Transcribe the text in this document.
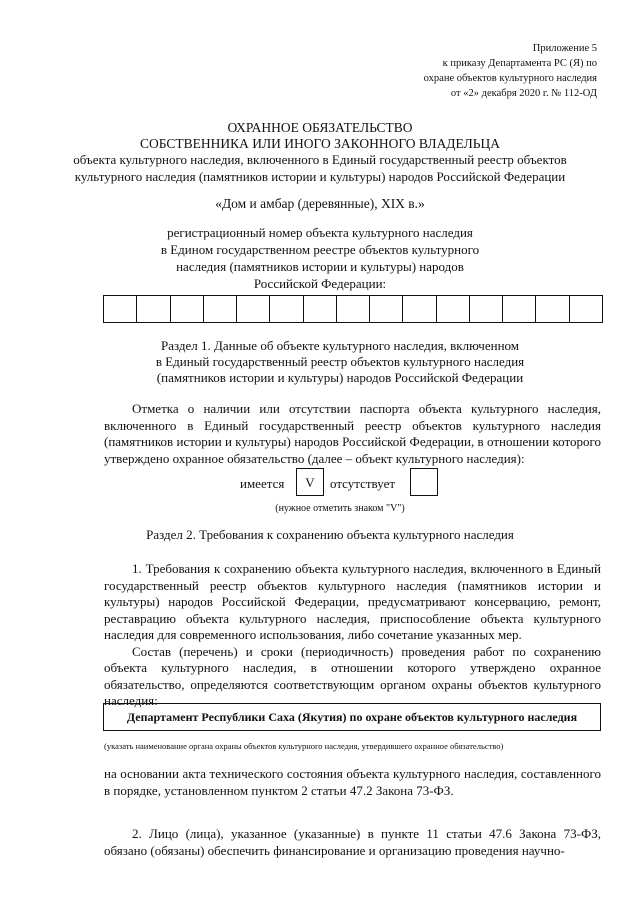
Приложение 5
к приказу Департамента РС (Я) по
охране объектов культурного наследия
от «2» декабря 2020 г. № 112-ОД
ОХРАННОЕ ОБЯЗАТЕЛЬСТВО
СОБСТВЕННИКА ИЛИ ИНОГО ЗАКОННОГО ВЛАДЕЛЬЦА
объекта культурного наследия, включенного в Единый государственный реестр объектов
культурного наследия (памятников истории и культуры) народов Российской Федерации
«Дом и амбар (деревянные), XIX в.»
регистрационный номер объекта культурного наследия
в Едином государственном реестре объектов культурного
наследия (памятников истории и культуры) народов
Российской Федерации:
Раздел 1. Данные об объекте культурного наследия, включенном
в Единый государственный реестр объектов культурного наследия
(памятников истории и культуры) народов Российской Федерации
Отметка о наличии или отсутствии паспорта объекта культурного наследия, включенного в Единый государственный реестр объектов культурного наследия (памятников истории и культуры) народов Российской Федерации, в отношении которого утверждено охранное обязательство (далее – объект культурного наследия):
имеется	V	отсутствует
(нужное отметить знаком "V")
Раздел 2. Требования к сохранению объекта культурного наследия

1. Требования к сохранению объекта культурного наследия, включенного в Единый государственный реестр объектов культурного наследия (памятников истории и культуры) народов Российской Федерации, предусматривают консервацию, ремонт, реставрацию объекта культурного наследия, приспособление объекта культурного наследия для современного использования, либо сочетание указанных мер.

Состав (перечень) и сроки (периодичность) проведения работ по сохранению объекта культурного наследия, в отношении которого утверждено охранное обязательство, определяются соответствующим органом охраны объектов культурного наследия:

Департамент Республики Саха (Якутия) по охране объектов культурного наследия
(указать наименование органа охраны объектов культурного наследия, утвердившего охранное обязательство)
на основании акта технического состояния объекта культурного наследия, составленного в порядке, установленном пунктом 2 статьи 47.2 Закона 73-ФЗ.
2. Лицо (лица), указанное (указанные) в пункте 11 статьи 47.6 Закона 73-ФЗ, обязано (обязаны) обеспечить финансирование и организацию проведения научно-
